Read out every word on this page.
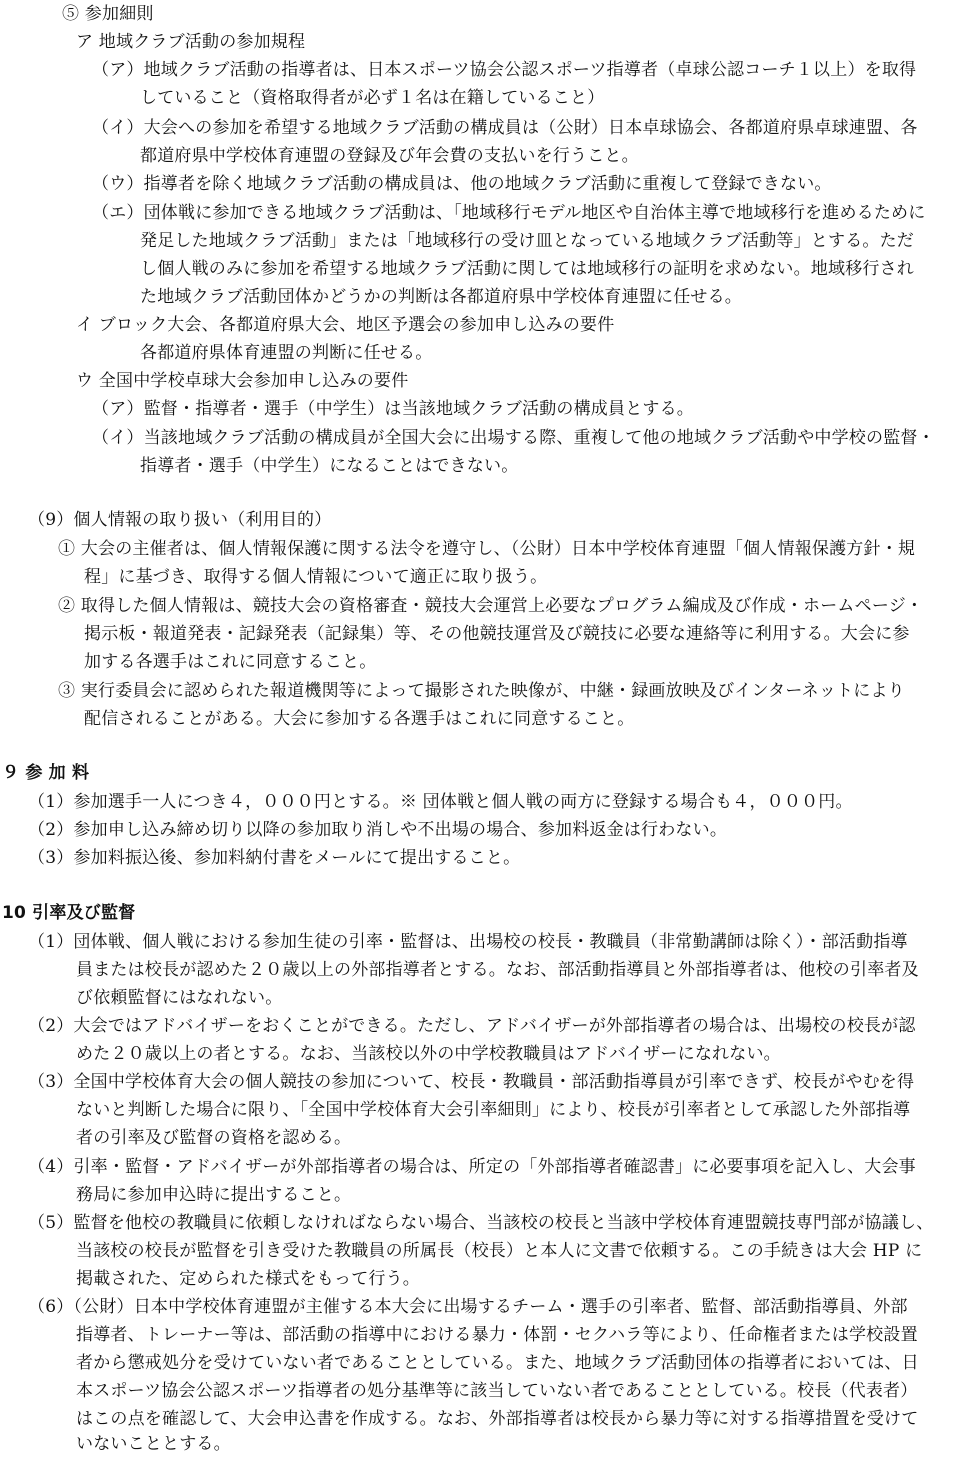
⑤ 参加細則
ア 地域クラブ活動の参加規程
（ア）地域クラブ活動の指導者は、日本スポーツ協会公認スポーツ指導者（卓球公認コーチ１以上）を取得
していること（資格取得者が必ず１名は在籍していること）
（イ）大会への参加を希望する地域クラブ活動の構成員は（公財）日本卓球協会、各都道府県卓球連盟、各
都道府県中学校体育連盟の登録及び年会費の支払いを行うこと。
（ウ）指導者を除く地域クラブ活動の構成員は、他の地域クラブ活動に重複して登録できない。
（エ）団体戦に参加できる地域クラブ活動は、「地域移行モデル地区や自治体主導で地域移行を進めるために
発足した地域クラブ活動」または「地域移行の受け皿となっている地域クラブ活動等」とする。ただ
し個人戦のみに参加を希望する地域クラブ活動に関しては地域移行の証明を求めない。地域移行され
た地域クラブ活動団体かどうかの判断は各都道府県中学校体育連盟に任せる。
イ ブロック大会、各都道府県大会、地区予選会の参加申し込みの要件
各都道府県体育連盟の判断に任せる。
ウ 全国中学校卓球大会参加申し込みの要件
（ア）監督・指導者・選手（中学生）は当該地域クラブ活動の構成員とする。
（イ）当該地域クラブ活動の構成員が全国大会に出場する際、重複して他の地域クラブ活動や中学校の監督・
指導者・選手（中学生）になることはできない。
（9）個人情報の取り扱い（利用目的）
① 大会の主催者は、個人情報保護に関する法令を遵守し、（公財）日本中学校体育連盟「個人情報保護方針・規
程」に基づき、取得する個人情報について適正に取り扱う。
② 取得した個人情報は、競技大会の資格審査・競技大会運営上必要なプログラム編成及び作成・ホームページ・
掲示板・報道発表・記録発表（記録集）等、その他競技運営及び競技に必要な連絡等に利用する。大会に参
加する各選手はこれに同意すること。
③ 実行委員会に認められた報道機関等によって撮影された映像が、中継・録画放映及びインターネットにより
配信されることがある。大会に参加する各選手はこれに同意すること。
９ 参 加 料
（1）参加選手一人につき４，０００円とする。※ 団体戦と個人戦の両方に登録する場合も４，０００円。
（2）参加申し込み締め切り以降の参加取り消しや不出場の場合、参加料返金は行わない。
（3）参加料振込後、参加料納付書をメールにて提出すること。
10 引率及び監督
（1）団体戦、個人戦における参加生徒の引率・監督は、出場校の校長・教職員（非常勤講師は除く）・部活動指導
員または校長が認めた２０歳以上の外部指導者とする。なお、部活動指導員と外部指導者は、他校の引率者及
び依頼監督にはなれない。
（2）大会ではアドバイザーをおくことができる。ただし、アドバイザーが外部指導者の場合は、出場校の校長が認
めた２０歳以上の者とする。なお、当該校以外の中学校教職員はアドバイザーになれない。
（3）全国中学校体育大会の個人競技の参加について、校長・教職員・部活動指導員が引率できず、校長がやむを得
ないと判断した場合に限り、「全国中学校体育大会引率細則」により、校長が引率者として承認した外部指導
者の引率及び監督の資格を認める。
（4）引率・監督・アドバイザーが外部指導者の場合は、所定の「外部指導者確認書」に必要事項を記入し、大会事
務局に参加申込時に提出すること。
（5）監督を他校の教職員に依頼しなければならない場合、当該校の校長と当該中学校体育連盟競技専門部が協議し、
当該校の校長が監督を引き受けた教職員の所属長（校長）と本人に文書で依頼する。この手続きは大会 HP に
掲載された、定められた様式をもって行う。
（6）（公財）日本中学校体育連盟が主催する本大会に出場するチーム・選手の引率者、監督、部活動指導員、外部
指導者、トレーナー等は、部活動の指導中における暴力・体罰・セクハラ等により、任命権者または学校設置
者から懲戒処分を受けていない者であることとしている。また、地域クラブ活動団体の指導者においては、日
本スポーツ協会公認スポーツ指導者の処分基準等に該当していない者であることとしている。校長（代表者）
はこの点を確認して、大会申込書を作成する。なお、外部指導者は校長から暴力等に対する指導措置を受けて
いないこととする。
